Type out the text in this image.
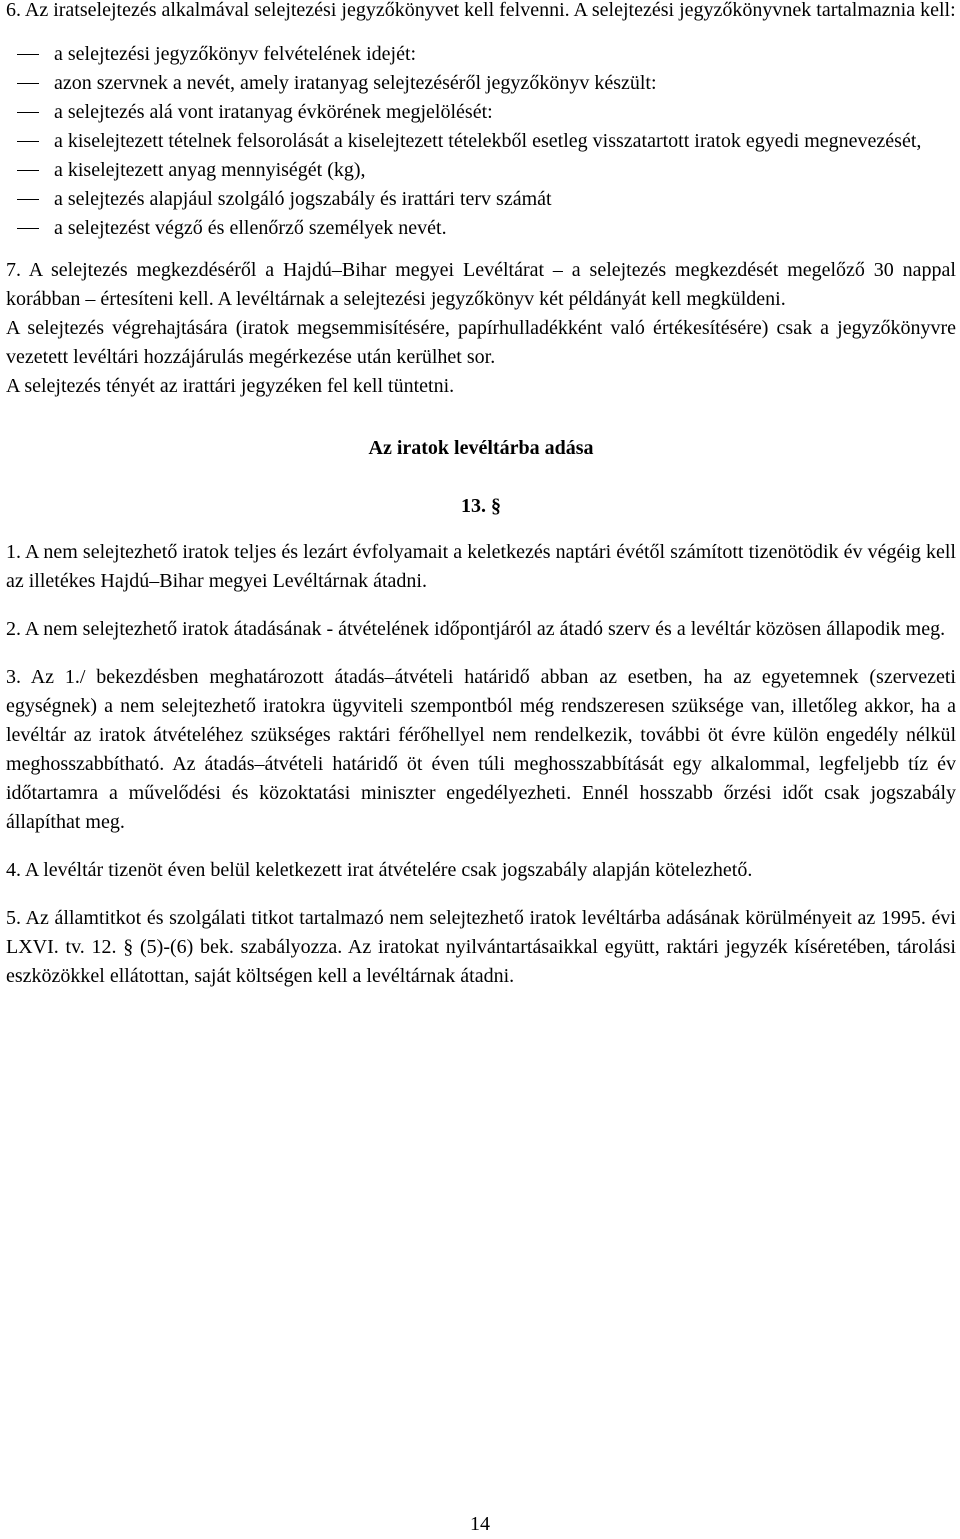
6. Az iratselejtezés alkalmával selejtezési jegyzőkönyvet kell felvenni. A selejtezési jegyzőkönyvnek tartalmaznia kell:

a selejtezési jegyzőkönyv felvételének idejét:
azon szervnek a nevét, amely iratanyag selejtezéséről jegyzőkönyv készült:
a selejtezés alá vont iratanyag évkörének megjelölését:
a kiselejtezett tételnek felsorolását a kiselejtezett tételekből esetleg visszatartott iratok egyedi megnevezését,
a kiselejtezett anyag mennyiségét (kg),
a selejtezés alapjául szolgáló jogszabály és irattári terv számát
a selejtezést végző és ellenőrző személyek nevét.

7. A selejtezés megkezdéséről a Hajdú–Bihar megyei Levéltárat – a selejtezés megkezdését megelőző 30 nappal korábban – értesíteni kell. A levéltárnak a selejtezési jegyzőkönyv két példányát kell megküldeni.

A selejtezés végrehajtására (iratok megsemmisítésére, papírhulladékként való értékesítésére) csak a jegyzőkönyvre vezetett levéltári hozzájárulás megérkezése után kerülhet sor.

A selejtezés tényét az irattári jegyzéken fel kell tüntetni.

Az iratok levéltárba adása

13. §

1. A nem selejtezhető iratok teljes és lezárt évfolyamait a keletkezés naptári évétől számított tizenötödik év végéig kell az illetékes Hajdú–Bihar megyei Levéltárnak átadni.

2. A nem selejtezhető iratok átadásának - átvételének időpontjáról az átadó szerv és a levéltár közösen állapodik meg.

3. Az 1./ bekezdésben meghatározott átadás–átvételi határidő abban az esetben, ha az egyetemnek (szervezeti egységnek) a nem selejtezhető iratokra ügyviteli szempontból még rendszeresen szüksége van, illetőleg akkor, ha a levéltár az iratok átvételéhez szükséges raktári férőhellyel nem rendelkezik, további öt évre külön engedély nélkül meghosszabbítható. Az átadás–átvételi határidő öt éven túli meghosszabbítását egy alkalommal, legfeljebb tíz év időtartamra a művelődési és közoktatási miniszter engedélyezheti. Ennél hosszabb őrzési időt csak jogszabály állapíthat meg.

4. A levéltár tizenöt éven belül keletkezett irat átvételére csak jogszabály alapján kötelezhető.

5. Az államtitkot és szolgálati titkot tartalmazó nem selejtezhető iratok levéltárba adásának körülményeit az 1995. évi LXVI. tv. 12. § (5)-(6) bek. szabályozza. Az iratokat nyilvántartásaikkal együtt, raktári jegyzék kíséretében, tárolási eszközökkel ellátottan, saját költségen kell a levéltárnak átadni.

14
